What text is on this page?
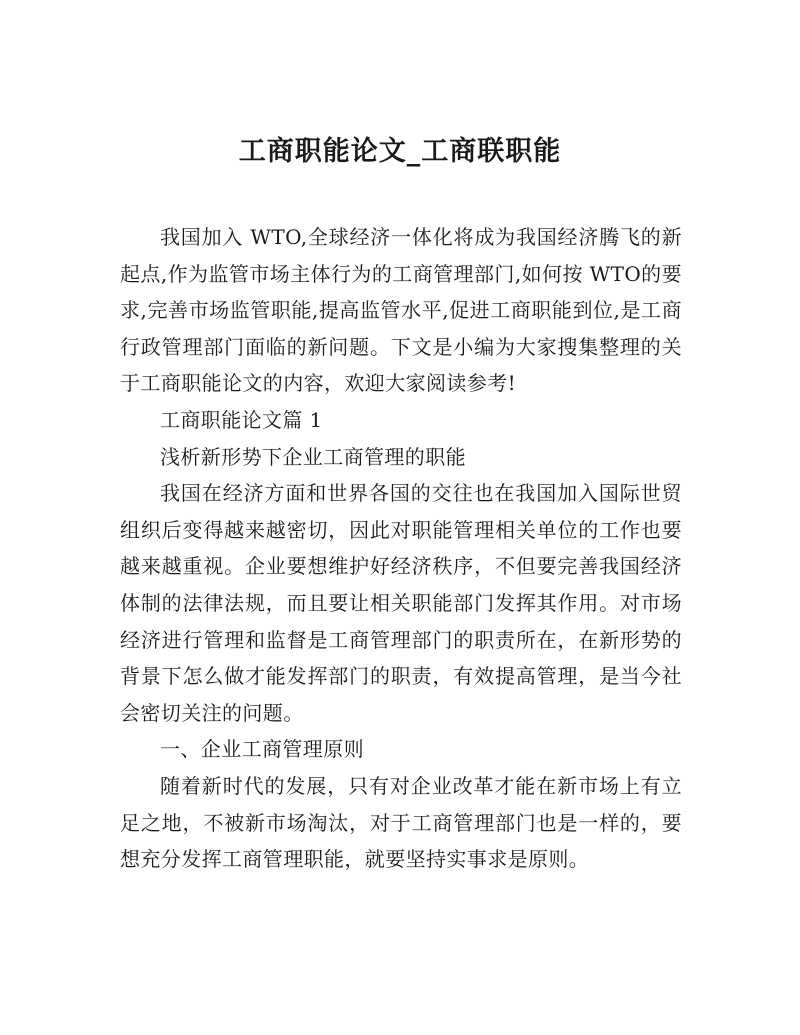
工商职能论文_工商联职能

我国加入 WTO,全球经济一体化将成为我国经济腾飞的新起点,作为监管市场主体行为的工商管理部门,如何按 WTO的要求,完善市场监管职能,提高监管水平,促进工商职能到位,是工商行政管理部门面临的新问题。下文是小编为大家搜集整理的关于工商职能论文的内容，欢迎大家阅读参考!

工商职能论文篇 1

浅析新形势下企业工商管理的职能

我国在经济方面和世界各国的交往也在我国加入国际世贸组织后变得越来越密切，因此对职能管理相关单位的工作也要越来越重视。企业要想维护好经济秩序，不但要完善我国经济体制的法律法规，而且要让相关职能部门发挥其作用。对市场经济进行管理和监督是工商管理部门的职责所在，在新形势的背景下怎么做才能发挥部门的职责，有效提高管理，是当今社会密切关注的问题。

一、企业工商管理原则

随着新时代的发展，只有对企业改革才能在新市场上有立足之地，不被新市场淘汰，对于工商管理部门也是一样的，要想充分发挥工商管理职能，就要坚持实事求是原则。
